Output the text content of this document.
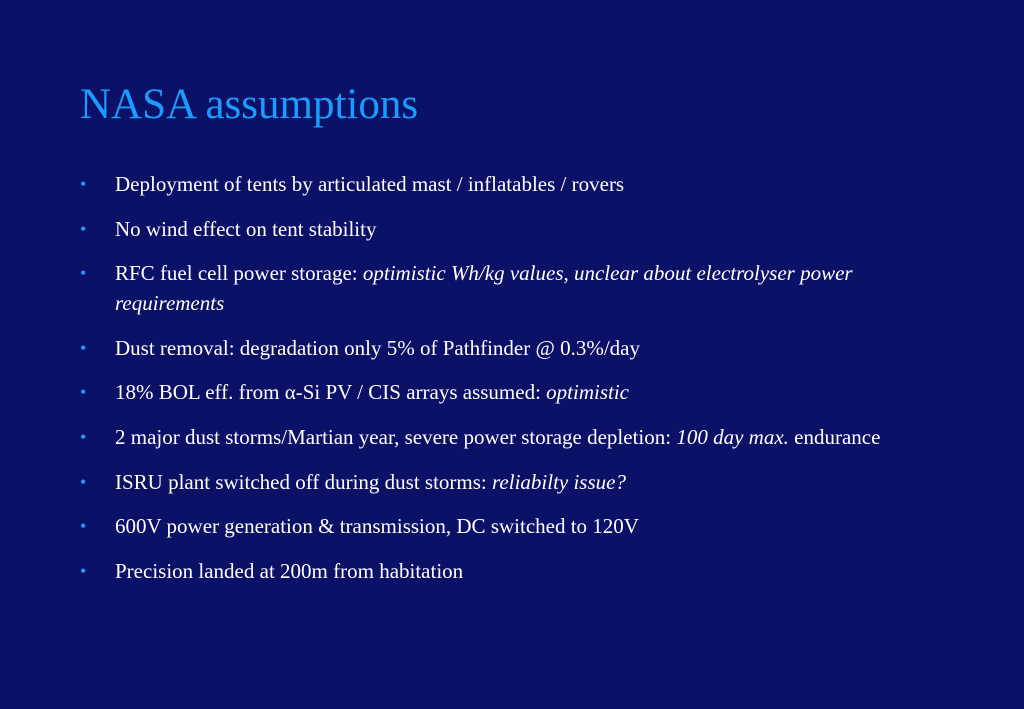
NASA assumptions
•	Deployment of tents by articulated mast / inflatables / rovers
•	No wind effect on tent stability
•	RFC fuel cell power storage: optimistic Wh/kg values, unclear about electrolyser power requirements
•	Dust removal: degradation only 5% of Pathfinder @ 0.3%/day
•	18% BOL eff. from α-Si PV / CIS arrays assumed: optimistic
•	2 major dust storms/Martian year, severe power storage depletion: 100 day max. endurance
•	ISRU plant switched off during dust storms: reliabilty issue?
•	600V power generation & transmission, DC switched to 120V
•	Precision landed at 200m from habitation
